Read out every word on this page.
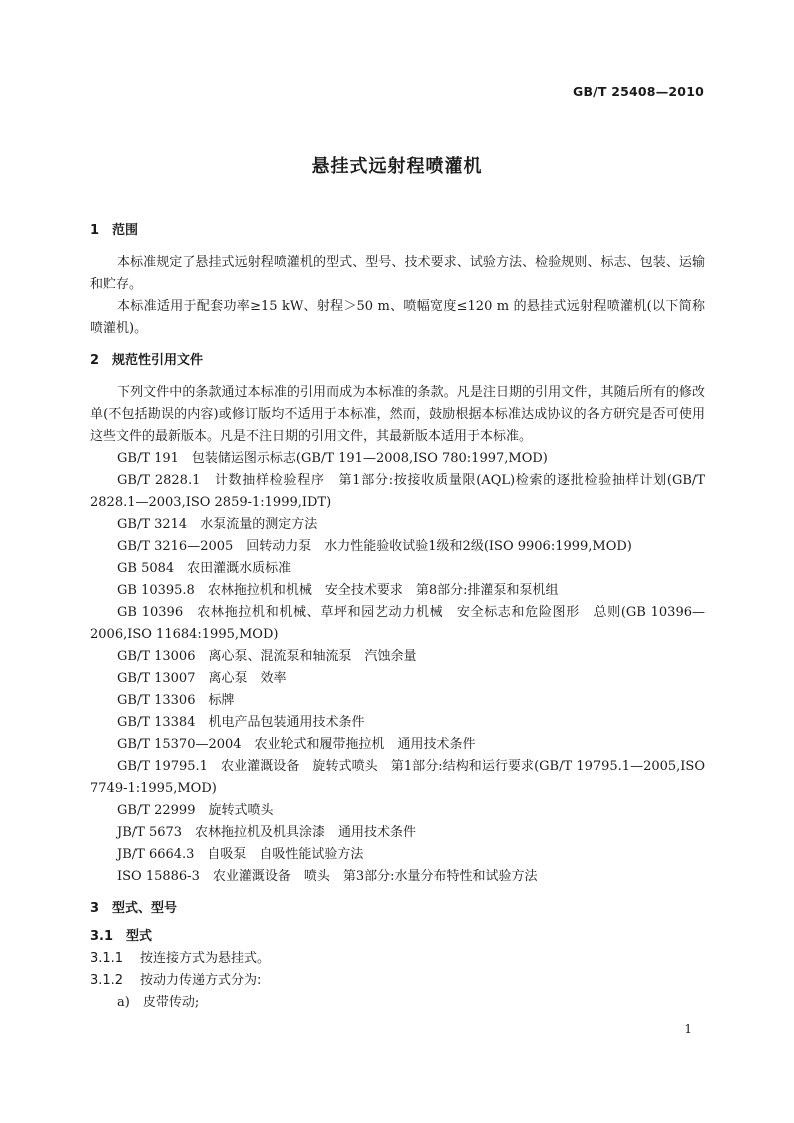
GB/T 25408—2010
悬挂式远射程喷灌机

1 范围

本标准规定了悬挂式远射程喷灌机的型式、型号、技术要求、试验方法、检验规则、标志、包装、运输和贮存。

本标准适用于配套功率≥15 kW、射程＞50 m、喷幅宽度≤120 m 的悬挂式远射程喷灌机(以下简称喷灌机)。

2 规范性引用文件

下列文件中的条款通过本标准的引用而成为本标准的条款。凡是注日期的引用文件，其随后所有的修改单(不包括勘误的内容)或修订版均不适用于本标准，然而，鼓励根据本标准达成协议的各方研究是否可使用这些文件的最新版本。凡是不注日期的引用文件，其最新版本适用于本标准。

GB/T 191　包装储运图示标志(GB/T 191—2008,ISO 780:1997,MOD)

GB/T 2828.1　计数抽样检验程序　第1部分:按接收质量限(AQL)检索的逐批检验抽样计划(GB/T 2828.1—2003,ISO 2859-1:1999,IDT)

GB/T 3214　水泵流量的测定方法

GB/T 3216—2005　回转动力泵　水力性能验收试验1级和2级(ISO 9906:1999,MOD)

GB 5084　农田灌溉水质标准

GB 10395.8　农林拖拉机和机械　安全技术要求　第8部分:排灌泵和泵机组

GB 10396　农林拖拉机和机械、草坪和园艺动力机械　安全标志和危险图形　总则(GB 10396—2006,ISO 11684:1995,MOD)

GB/T 13006　离心泵、混流泵和轴流泵　汽蚀余量

GB/T 13007　离心泵　效率

GB/T 13306　标牌

GB/T 13384　机电产品包装通用技术条件

GB/T 15370—2004　农业轮式和履带拖拉机　通用技术条件

GB/T 19795.1　农业灌溉设备　旋转式喷头　第1部分:结构和运行要求(GB/T 19795.1—2005,ISO 7749-1:1995,MOD)

GB/T 22999　旋转式喷头

JB/T 5673　农林拖拉机及机具涂漆　通用技术条件

JB/T 6664.3　自吸泵　自吸性能试验方法

ISO 15886-3　农业灌溉设备　喷头　第3部分:水量分布特性和试验方法

3 型式、型号

3.1 型式

3.1.1 按连接方式为悬挂式。

3.1.2 按动力传递方式分为:

a)　皮带传动;

1
